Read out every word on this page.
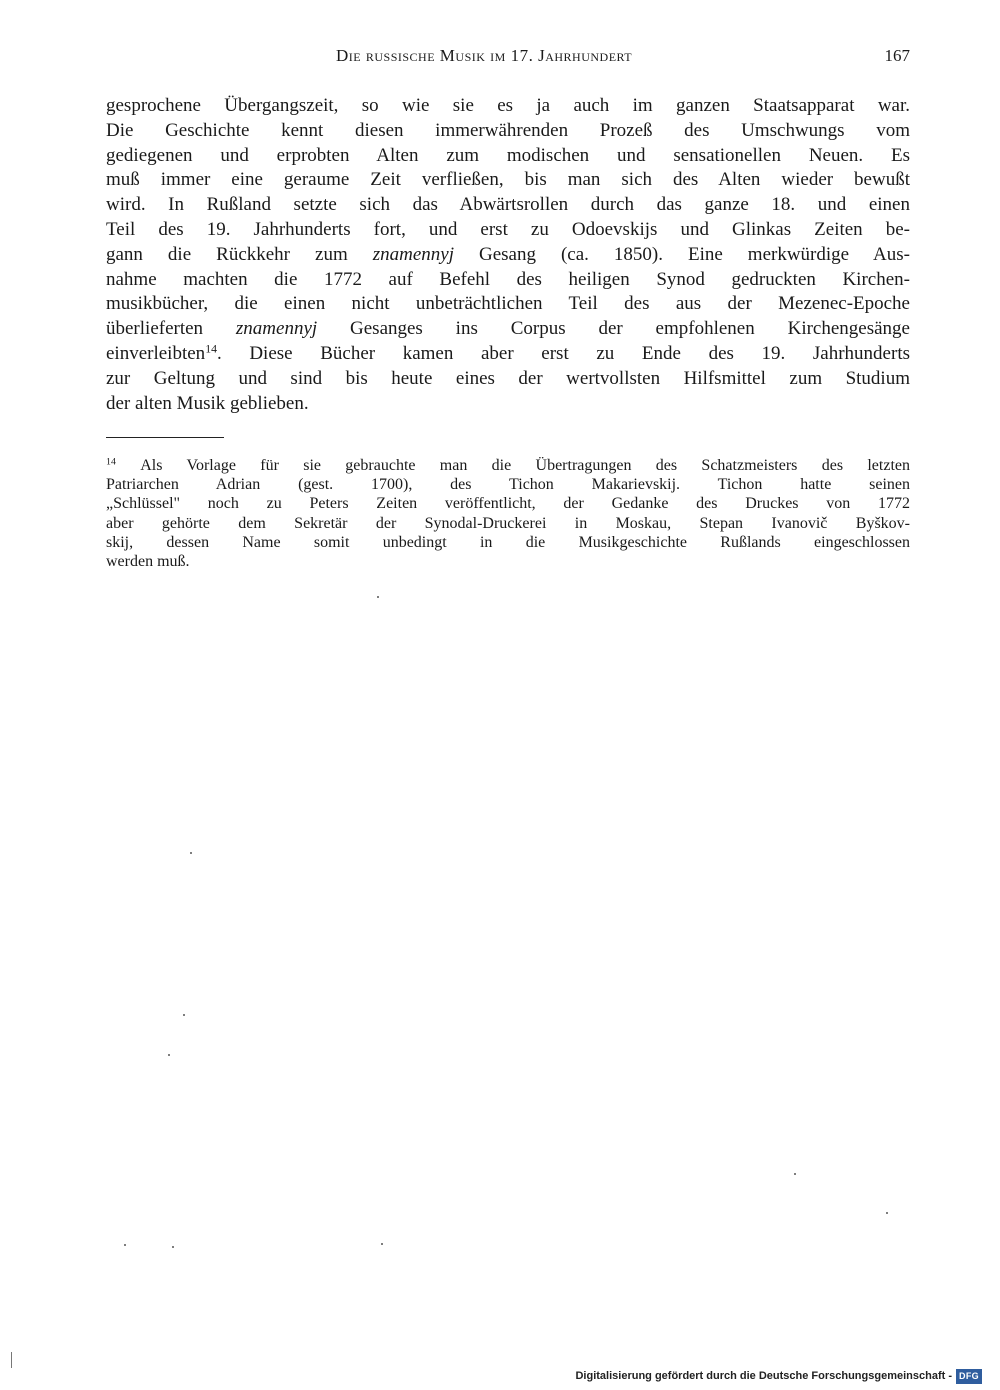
Die russische Musik im 17. Jahrhundert	167
gesprochene Übergangszeit, so wie sie es ja auch im ganzen Staatsapparat war.
Die Geschichte kennt diesen immerwährenden Prozeß des Umschwungs vom
gediegenen und erprobten Alten zum modischen und sensationellen Neuen. Es
muß immer eine geraume Zeit verfließen, bis man sich des Alten wieder bewußt
wird. In Rußland setzte sich das Abwärtsrollen durch das ganze 18. und einen
Teil des 19. Jahrhunderts fort, und erst zu Odoevskijs und Glinkas Zeiten be-
gann die Rückkehr zum znamennyj Gesang (ca. 1850). Eine merkwürdige Aus-
nahme machten die 1772 auf Befehl des heiligen Synod gedruckten Kirchen-
musikbücher, die einen nicht unbeträchtlichen Teil des aus der Mezenec-Epoche
überlieferten znamennyj Gesanges ins Corpus der empfohlenen Kirchengesänge
einverleibten$^{14}$. Diese Bücher kamen aber erst zu Ende des 19. Jahrhunderts
zur Geltung und sind bis heute eines der wertvollsten Hilfsmittel zum Studium
der alten Musik geblieben.
$^{14}$ Als Vorlage für sie gebrauchte man die Übertragungen des Schatzmeisters des letzten
Patriarchen Adrian (gest. 1700), des Tichon Makarievskij. Tichon hatte seinen
„Schlüssel" noch zu Peters Zeiten veröffentlicht, der Gedanke des Druckes von 1772
aber gehörte dem Sekretär der Synodal-Druckerei in Moskau, Stepan Ivanovič Byškov-
skij, dessen Name somit unbedingt in die Musikgeschichte Rußlands eingeschlossen
werden muß.
Digitalisierung gefördert durch die Deutsche Forschungsgemeinschaft - DFG
